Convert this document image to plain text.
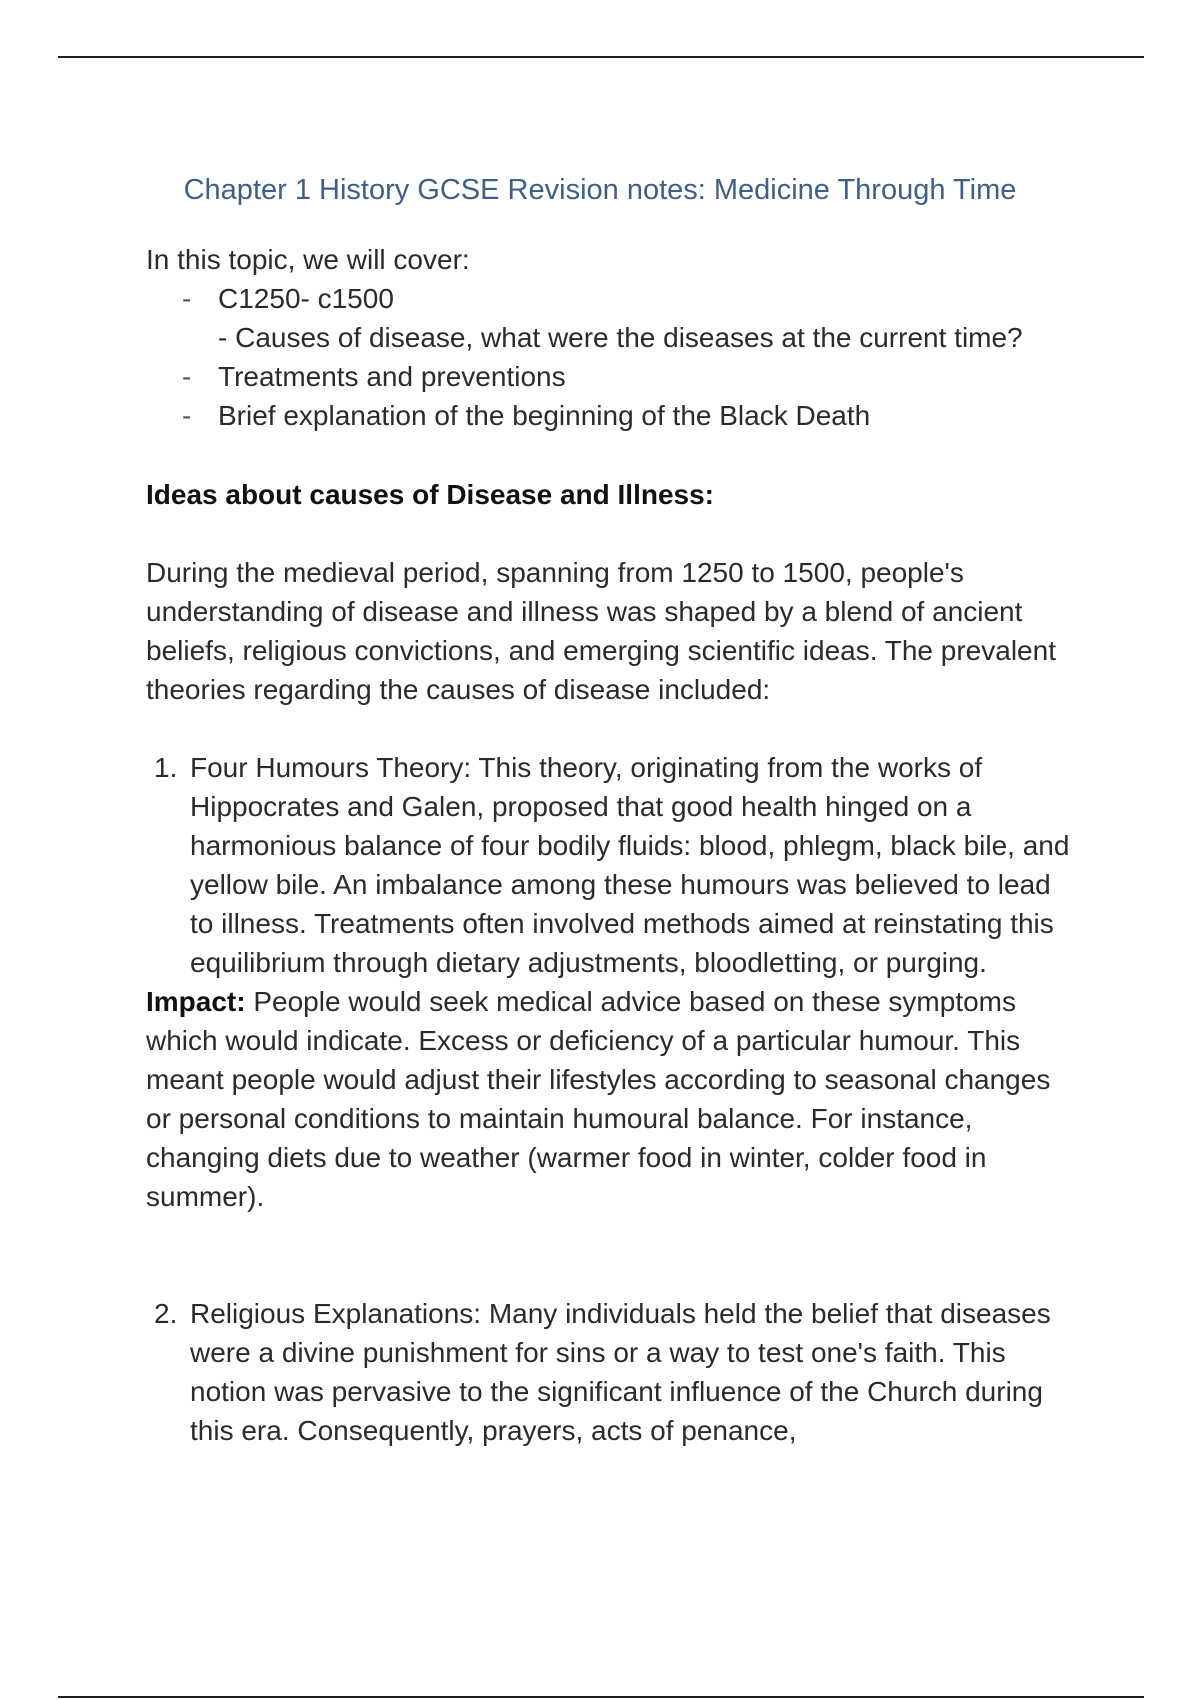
Chapter 1 History GCSE Revision notes: Medicine Through Time

In this topic, we will cover:

- C1250- c1500
- Causes of disease, what were the diseases at the current time?
- Treatments and preventions
- Brief explanation of the beginning of the Black Death
Ideas about causes of Disease and Illness:

During the medieval period, spanning from 1250 to 1500, people's understanding of disease and illness was shaped by a blend of ancient beliefs, religious convictions, and emerging scientific ideas. The prevalent theories regarding the causes of disease included:

1. Four Humours Theory: This theory, originating from the works of Hippocrates and Galen, proposed that good health hinged on a harmonious balance of four bodily fluids: blood, phlegm, black bile, and yellow bile. An imbalance among these humours was believed to lead to illness. Treatments often involved methods aimed at reinstating this equilibrium through dietary adjustments, bloodletting, or purging.

Impact: People would seek medical advice based on these symptoms which would indicate. Excess or deficiency of a particular humour. This meant people would adjust their lifestyles according to seasonal changes or personal conditions to maintain humoural balance. For instance, changing diets due to weather (warmer food in winter, colder food in summer).

2. Religious Explanations: Many individuals held the belief that diseases were a divine punishment for sins or a way to test one's faith. This notion was pervasive to the significant influence of the Church during this era. Consequently, prayers, acts of penance,
